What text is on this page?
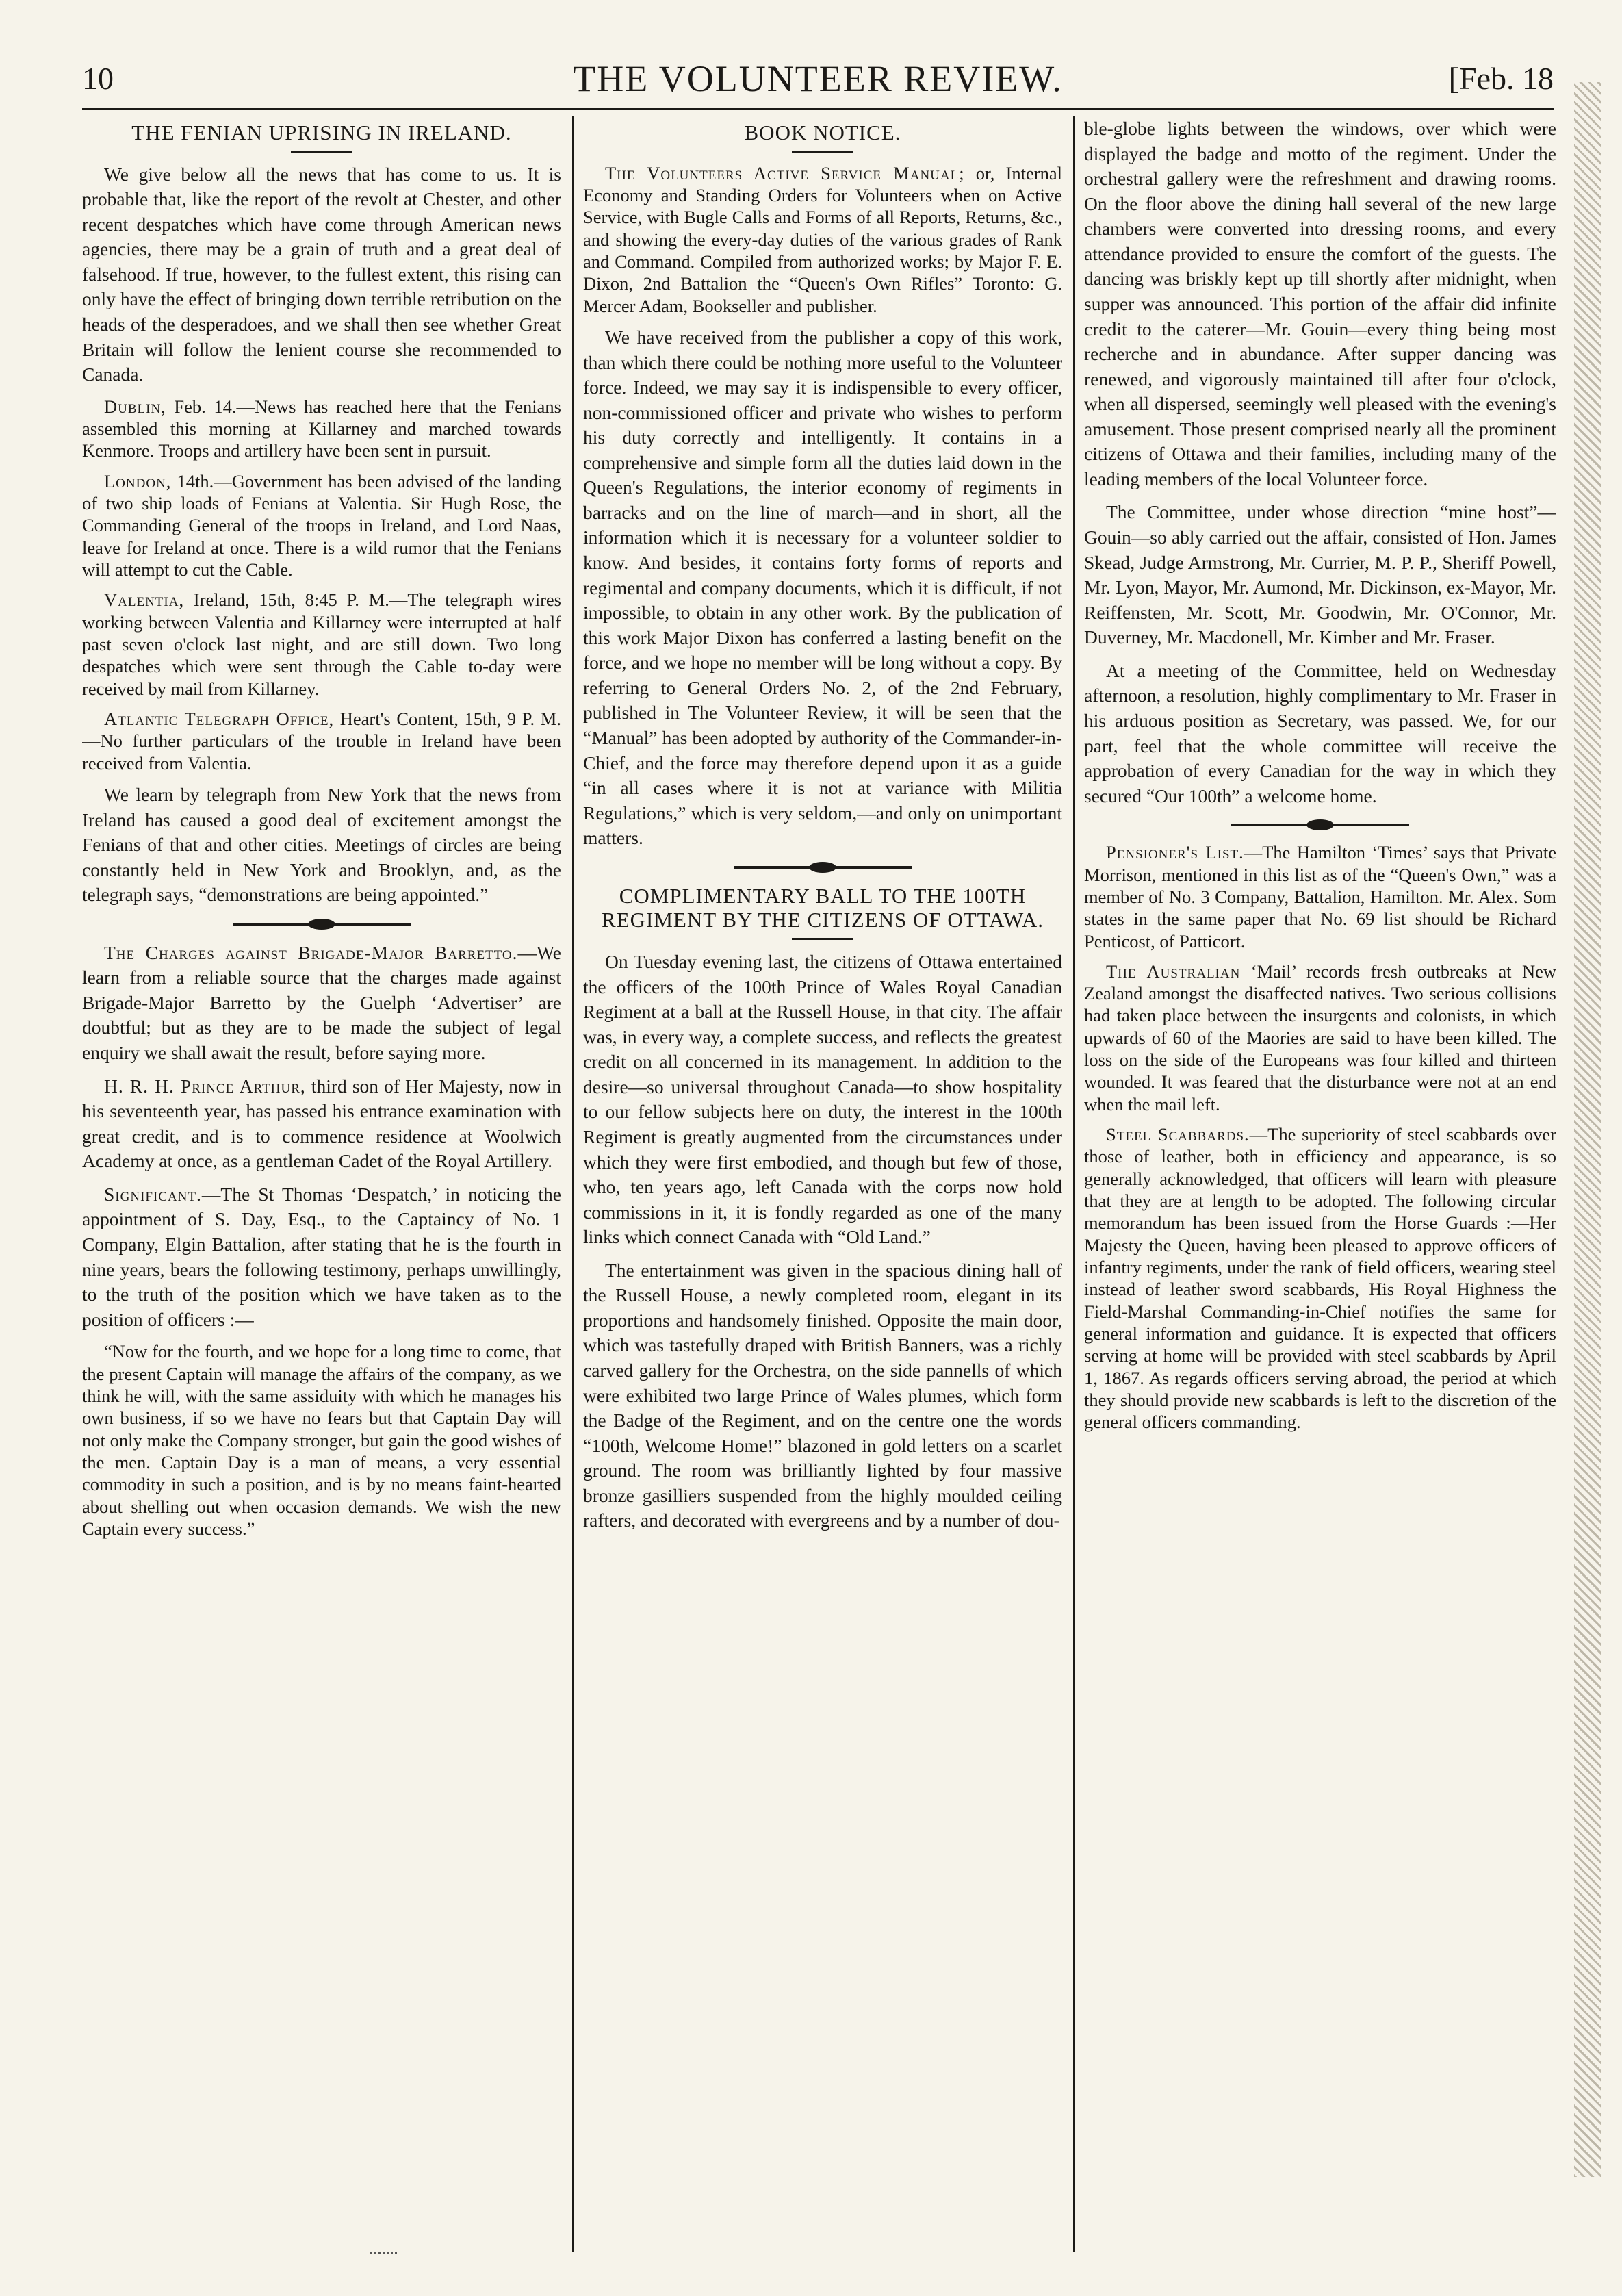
10	THE VOLUNTEER REVIEW.	[Feb. 18
THE FENIAN UPRISING IN IRELAND.

We give below all the news that has come to us. It is probable that, like the report of the revolt at Chester, and other recent despatches which have come through American news agencies, there may be a grain of truth and a great deal of falsehood. If true, however, to the fullest extent, this rising can only have the effect of bringing down terrible retribution on the heads of the desperadoes, and we shall then see whether Great Britain will follow the lenient course she recommended to Canada.

Dublin, Feb. 14.—News has reached here that the Fenians assembled this morning at Killarney and marched towards Kenmore. Troops and artillery have been sent in pursuit.

London, 14th.—Government has been advised of the landing of two ship loads of Fenians at Valentia. Sir Hugh Rose, the Commanding General of the troops in Ireland, and Lord Naas, leave for Ireland at once. There is a wild rumor that the Fenians will attempt to cut the Cable.

Valentia, Ireland, 15th, 8:45 P. M.—The telegraph wires working between Valentia and Killarney were interrupted at half past seven o'clock last night, and are still down. Two long despatches which were sent through the Cable to-day were received by mail from Killarney.

Atlantic Telegraph Office, Heart's Content, 15th, 9 P. M.—No further particulars of the trouble in Ireland have been received from Valentia.

We learn by telegraph from New York that the news from Ireland has caused a good deal of excitement amongst the Fenians of that and other cities. Meetings of circles are being constantly held in New York and Brooklyn, and, as the telegraph says, “demonstrations are being appointed.”

The Charges against Brigade-Major Barretto.—We learn from a reliable source that the charges made against Brigade-Major Barretto by the Guelph ‘Advertiser’ are doubtful; but as they are to be made the subject of legal enquiry we shall await the result, before saying more.

H. R. H. Prince Arthur, third son of Her Majesty, now in his seventeenth year, has passed his entrance examination with great credit, and is to commence residence at Woolwich Academy at once, as a gentleman Cadet of the Royal Artillery.

Significant.—The St Thomas ‘Despatch,’ in noticing the appointment of S. Day, Esq., to the Captaincy of No. 1 Company, Elgin Battalion, after stating that he is the fourth in nine years, bears the following testimony, perhaps unwillingly, to the truth of the position which we have taken as to the position of officers :—

“Now for the fourth, and we hope for a long time to come, that the present Captain will manage the affairs of the company, as we think he will, with the same assiduity with which he manages his own business, if so we have no fears but that Captain Day will not only make the Company stronger, but gain the good wishes of the men. Captain Day is a man of means, a very essential commodity in such a position, and is by no means faint-hearted about shelling out when occasion demands. We wish the new Captain every success.”

BOOK NOTICE.

The Volunteers Active Service Manual; or, Internal Economy and Standing Orders for Volunteers when on Active Service, with Bugle Calls and Forms of all Reports, Returns, &c., and showing the every-day duties of the various grades of Rank and Command. Compiled from authorized works; by Major F. E. Dixon, 2nd Battalion the “Queen's Own Rifles” Toronto: G. Mercer Adam, Bookseller and publisher.

We have received from the publisher a copy of this work, than which there could be nothing more useful to the Volunteer force. Indeed, we may say it is indispensible to every officer, non-commissioned officer and private who wishes to perform his duty correctly and intelligently. It contains in a comprehensive and simple form all the duties laid down in the Queen's Regulations, the interior economy of regiments in barracks and on the line of march—and in short, all the information which it is necessary for a volunteer soldier to know. And besides, it contains forty forms of reports and regimental and company documents, which it is difficult, if not impossible, to obtain in any other work. By the publication of this work Major Dixon has conferred a lasting benefit on the force, and we hope no member will be long without a copy. By referring to General Orders No. 2, of the 2nd February, published in The Volunteer Review, it will be seen that the “Manual” has been adopted by authority of the Commander-in-Chief, and the force may therefore depend upon it as a guide “in all cases where it is not at variance with Militia Regulations,” which is very seldom,—and only on unimportant matters.

COMPLIMENTARY BALL TO THE 100TH REGIMENT BY THE CITIZENS OF OTTAWA.

On Tuesday evening last, the citizens of Ottawa entertained the officers of the 100th Prince of Wales Royal Canadian Regiment at a ball at the Russell House, in that city. The affair was, in every way, a complete success, and reflects the greatest credit on all concerned in its management. In addition to the desire—so universal throughout Canada—to show hospitality to our fellow subjects here on duty, the interest in the 100th Regiment is greatly augmented from the circumstances under which they were first embodied, and though but few of those, who, ten years ago, left Canada with the corps now hold commissions in it, it is fondly regarded as one of the many links which connect Canada with “Old Land.”

The entertainment was given in the spacious dining hall of the Russell House, a newly completed room, elegant in its proportions and handsomely finished. Opposite the main door, which was tastefully draped with British Banners, was a richly carved gallery for the Orchestra, on the side pannells of which were exhibited two large Prince of Wales plumes, which form the Badge of the Regiment, and on the centre one the words “100th, Welcome Home!” blazoned in gold letters on a scarlet ground. The room was brilliantly lighted by four massive bronze gasilliers suspended from the highly moulded ceiling rafters, and decorated with evergreens and by a number of dou-

ble-globe lights between the windows, over which were displayed the badge and motto of the regiment. Under the orchestral gallery were the refreshment and drawing rooms. On the floor above the dining hall several of the new large chambers were converted into dressing rooms, and every attendance provided to ensure the comfort of the guests. The dancing was briskly kept up till shortly after midnight, when supper was announced. This portion of the affair did infinite credit to the caterer—Mr. Gouin—every thing being most recherche and in abundance. After supper dancing was renewed, and vigorously maintained till after four o'clock, when all dispersed, seemingly well pleased with the evening's amusement. Those present comprised nearly all the prominent citizens of Ottawa and their families, including many of the leading members of the local Volunteer force.

The Committee, under whose direction “mine host”—Gouin—so ably carried out the affair, consisted of Hon. James Skead, Judge Armstrong, Mr. Currier, M. P. P., Sheriff Powell, Mr. Lyon, Mayor, Mr. Aumond, Mr. Dickinson, ex-Mayor, Mr. Reiffensten, Mr. Scott, Mr. Goodwin, Mr. O'Connor, Mr. Duverney, Mr. Macdonell, Mr. Kimber and Mr. Fraser.

At a meeting of the Committee, held on Wednesday afternoon, a resolution, highly complimentary to Mr. Fraser in his arduous position as Secretary, was passed. We, for our part, feel that the whole committee will receive the approbation of every Canadian for the way in which they secured “Our 100th” a welcome home.

Pensioner's List.—The Hamilton ‘Times’ says that Private Morrison, mentioned in this list as of the “Queen's Own,” was a member of No. 3 Company, Battalion, Hamilton. Mr. Alex. Som states in the same paper that No. 69 list should be Richard Penticost, of Patticort.

The Australian ‘Mail’ records fresh outbreaks at New Zealand amongst the disaffected natives. Two serious collisions had taken place between the insurgents and colonists, in which upwards of 60 of the Maories are said to have been killed. The loss on the side of the Europeans was four killed and thirteen wounded. It was feared that the disturbance were not at an end when the mail left.

Steel Scabbards.—The superiority of steel scabbards over those of leather, both in efficiency and appearance, is so generally acknowledged, that officers will learn with pleasure that they are at length to be adopted. The following circular memorandum has been issued from the Horse Guards :—Her Majesty the Queen, having been pleased to approve officers of infantry regiments, under the rank of field officers, wearing steel instead of leather sword scabbards, His Royal Highness the Field-Marshal Commanding-in-Chief notifies the same for general information and guidance. It is expected that officers serving at home will be provided with steel scabbards by April 1, 1867. As regards officers serving abroad, the period at which they should provide new scabbards is left to the discretion of the general officers commanding.
